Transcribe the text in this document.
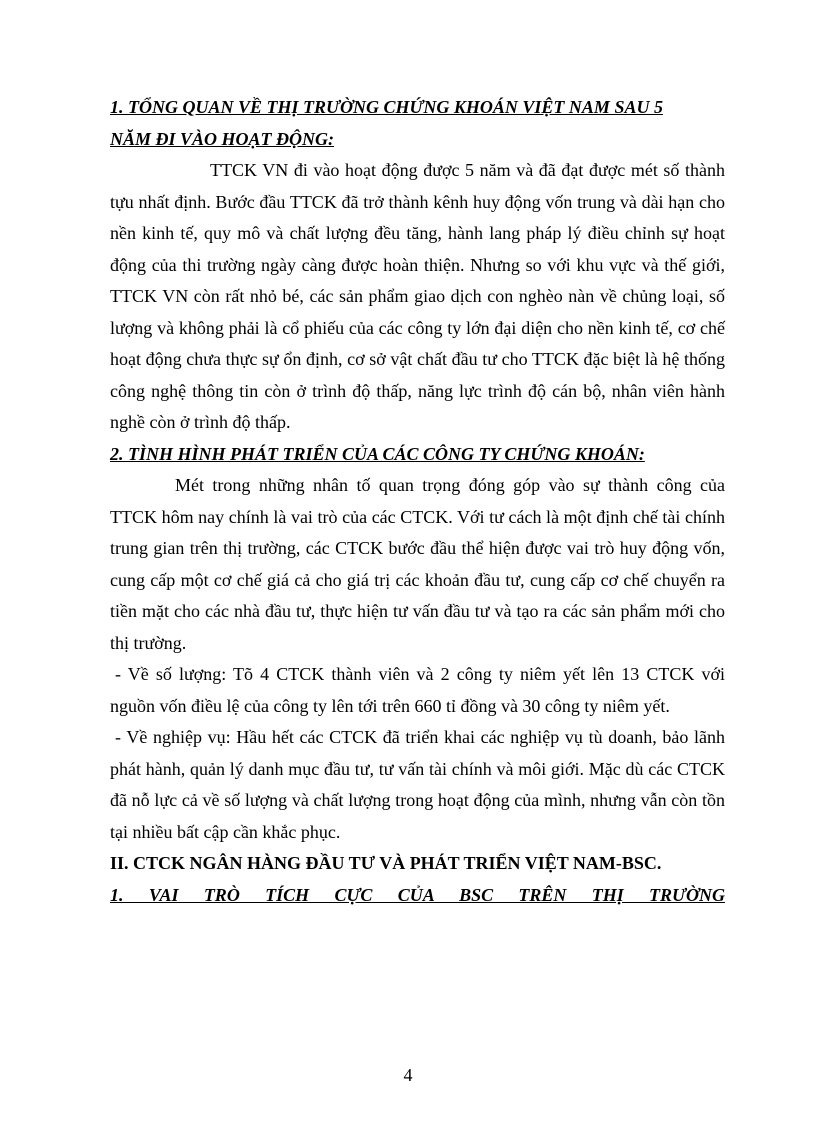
1. TỔNG QUAN VỀ THỊ TRƯỜNG CHỨNG KHOÁN VIỆT NAM SAU 5
NĂM ĐI VÀO HOẠT ĐỘNG:

TTCK VN đi vào hoạt động được 5 năm và đã đạt được mét số thành tựu nhất định. Bước đầu TTCK đã trở thành kênh huy động vốn trung và dài hạn cho nền kinh tế, quy mô và chất lượng đều tăng, hành lang pháp lý điều chỉnh sự hoạt động của thi trường ngày càng được hoàn thiện. Nhưng so với khu vực và thế giới, TTCK VN còn rất nhỏ bé, các sản phẩm giao dịch con nghèo nàn về chủng loại, số lượng và không phải là cổ phiếu của các công ty lớn đại diện cho nền kinh tế, cơ chế hoạt động chưa thực sự ổn định, cơ sở vật chất đầu tư cho TTCK đặc biệt là hệ thống công nghệ thông tin còn ở trình độ thấp, năng lực trình độ cán bộ, nhân viên hành nghề còn ở trình độ thấp.

2. TÌNH HÌNH PHÁT TRIỂN CỦA CÁC CÔNG TY CHỨNG KHOÁN:

Mét trong những nhân tố quan trọng đóng góp vào sự thành công của TTCK hôm nay chính là vai trò của các CTCK. Với tư cách là một định chế tài chính trung gian trên thị trường, các CTCK bước đầu thể hiện được vai trò huy động vốn, cung cấp một cơ chế giá cả cho giá trị các khoản đầu tư, cung cấp cơ chế chuyển ra tiền mặt cho các nhà đầu tư, thực hiện tư vấn đầu tư và tạo ra các sản phẩm mới cho thị trường.

- Về số lượng: Tõ 4 CTCK thành viên và 2 công ty niêm yết lên 13 CTCK với nguồn vốn điều lệ của công ty lên tới trên 660 tỉ đồng và 30 công ty niêm yết.

- Về nghiệp vụ: Hầu hết các CTCK đã triển khai các nghiệp vụ tù doanh, bảo lãnh phát hành, quản lý danh mục đầu tư, tư vấn tài chính và môi giới. Mặc dù các CTCK đã nỗ lực cả về số lượng và chất lượng trong hoạt động của mình, nhưng vẫn còn tồn tại nhiều bất cập cần khắc phục.

II. CTCK NGÂN HÀNG ĐẦU TƯ VÀ PHÁT TRIỂN VIỆT NAM-BSC.

1. VAI TRÒ TÍCH CỰC CỦA BSC TRÊN THỊ TRƯỜNG

4
